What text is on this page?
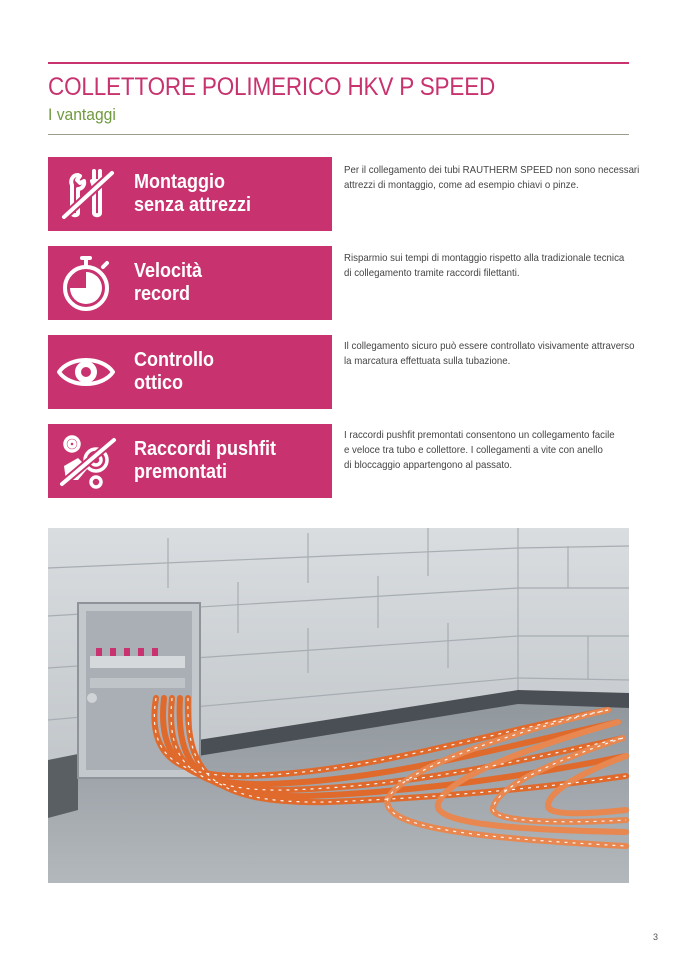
COLLETTORE POLIMERICO HKV P SPEED
I vantaggi
Montaggio
senza attrezzi
Per il collegamento dei tubi RAUTHERM SPEED non sono necessari
attrezzi di montaggio, come ad esempio chiavi o pinze.
Velocità
record
Risparmio sui tempi di montaggio rispetto alla tradizionale tecnica
di collegamento tramite raccordi filettanti.
Controllo
ottico
Il collegamento sicuro può essere controllato visivamente attraverso
la marcatura effettuata sulla tubazione.
Raccordi pushfit
premontati
I raccordi pushfit premontati consentono un collegamento facile
e veloce tra tubo e collettore. I collegamenti a vite con anello
di bloccaggio appartengono al passato.
3
